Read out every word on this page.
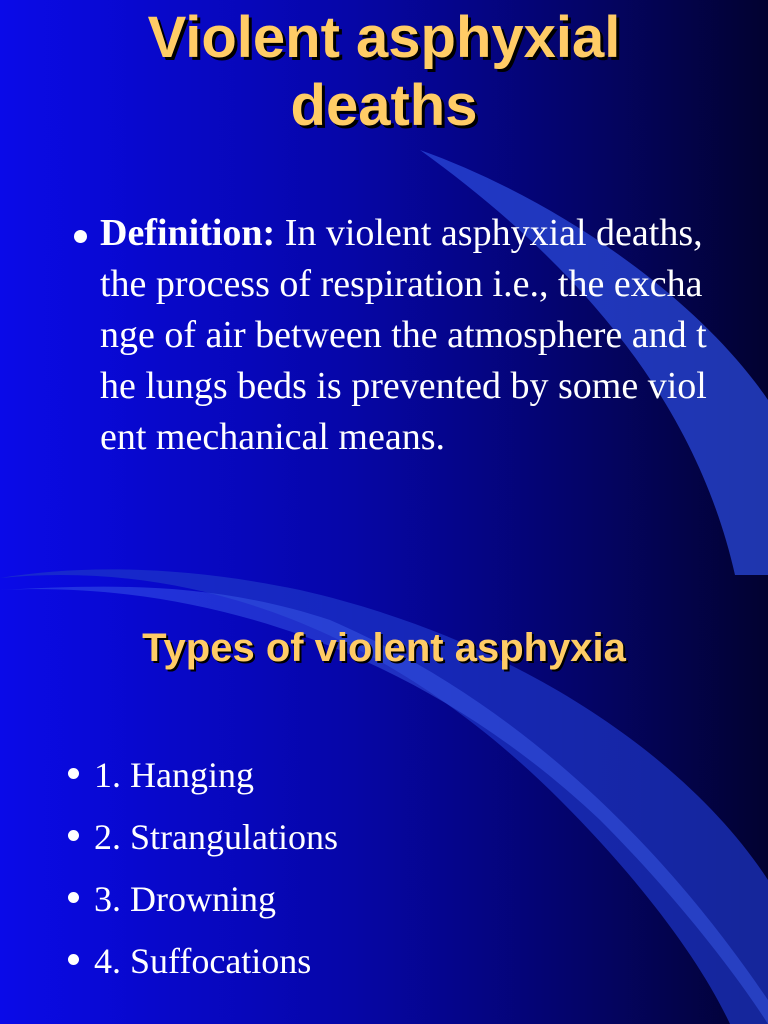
Violent asphyxial
deaths
Definition: In violent asphyxial deaths, the process of respiration i.e., the exchange of air between the atmosphere and the lungs beds is prevented by some violent mechanical means.
Types of violent asphyxia
1. Hanging
2. Strangulations
3. Drowning
4. Suffocations
